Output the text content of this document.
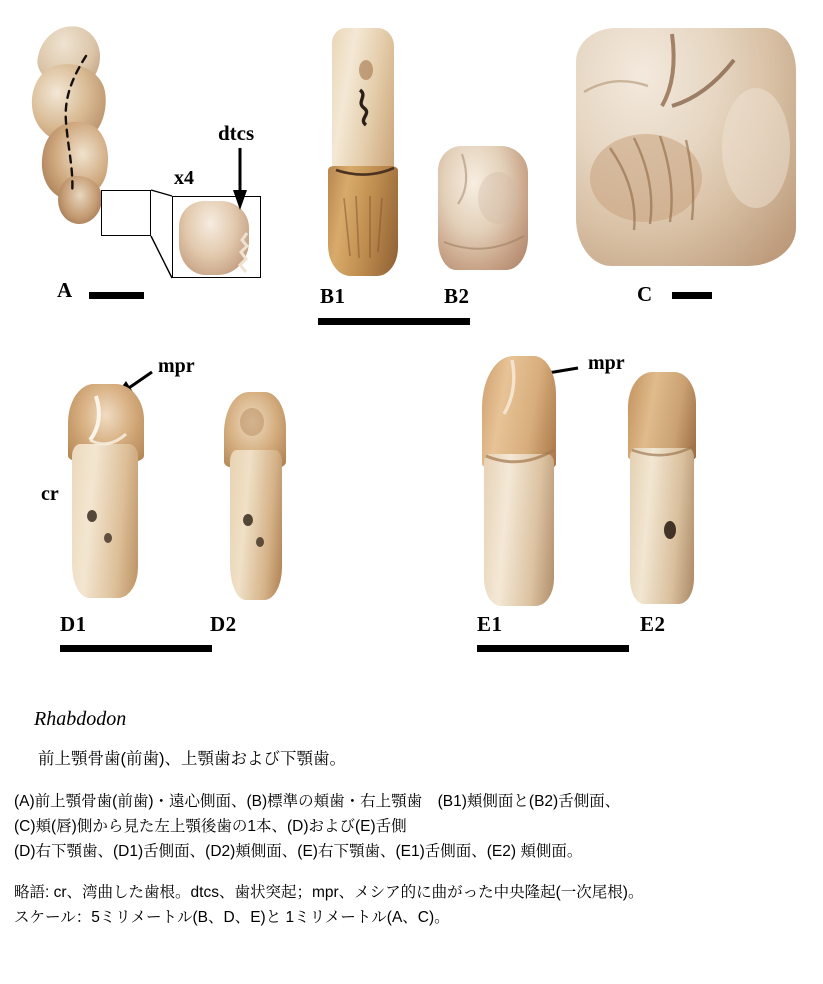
x4
dtcs
A	B1	B2	C
mpr
cr
D1	D2
mpr
E1	E2
Rhabdodon
前上顎骨歯(前歯)、上顎歯および下顎歯。
(A)前上顎骨歯(前歯)・遠心側面、(B)標準の頬歯・右上顎歯　(B1)頬側面と(B2)舌側面、
(C)頬(唇)側から見た左上顎後歯の1本、(D)および(E)舌側
(D)右下顎歯、(D1)舌側面、(D2)頬側面、(E)右下顎歯、(E1)舌側面、(E2) 頬側面。
略語: cr、湾曲した歯根。dtcs、歯状突起；mpr、メシア的に曲がった中央隆起(一次尾根)。
スケール：5ミリメートル(B、D、E)と 1ミリメートル(A、C)。
